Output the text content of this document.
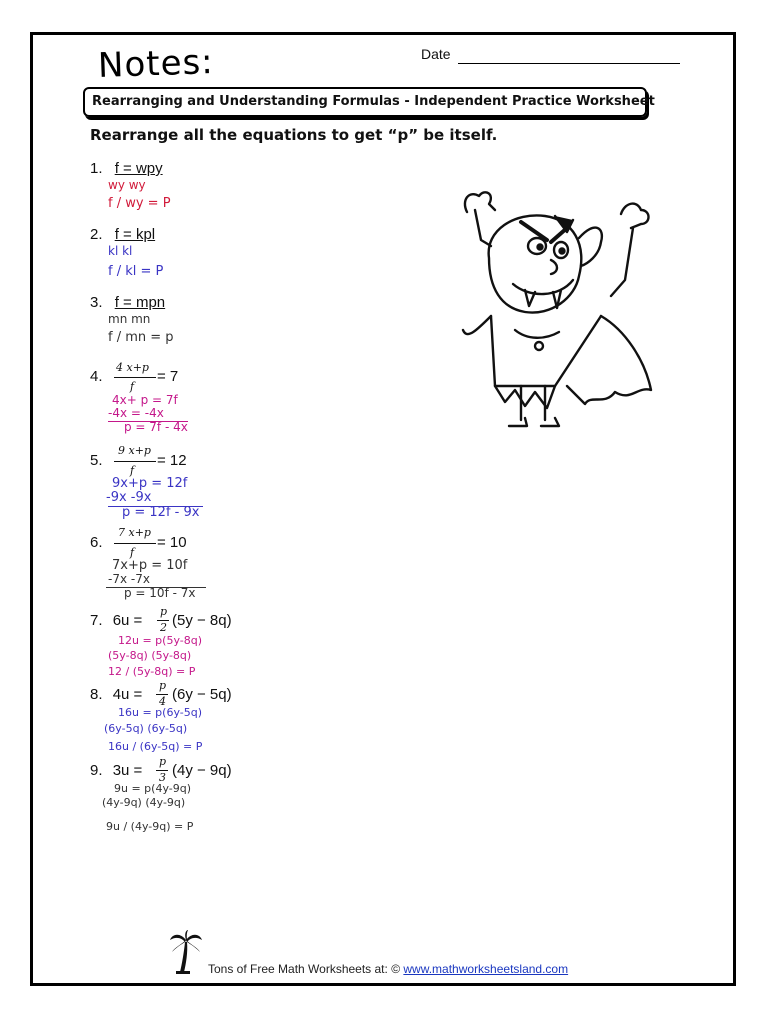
Notes:	Date
Rearranging and Understanding Formulas - Independent Practice Worksheet
Rearrange all the equations to get “p” be itself.
1. f = wpy
wy wy
f / wy = P
2. f = kpl
kl kl
f / kl = P
3. f = mpn
mn mn
f / mn = p
4.
4 x+p
f
= 7
4x+ p = 7f
-4x = -4x
p = 7f - 4x
5.
9 x+p
f
= 12
9x+p = 12f
-9x -9x
p = 12f - 9x
6.
7 x+p
f
= 10
7x+p = 10f
-7x -7x
p = 10f - 7x
7. 6u =
p
2 (5y − 8q)
12u = p(5y-8q)
(5y-8q) (5y-8q)
12 / (5y-8q) = P
8. 4u =
p
4 (6y − 5q)
16u = p(6y-5q)
(6y-5q) (6y-5q)
16u / (6y-5q) = P
9. 3u =
p
3 (4y − 9q)
9u = p(4y-9q)
(4y-9q) (4y-9q)
9u / (4y-9q) = P
Tons of Free Math Worksheets at: © www.mathworksheetsland.com
